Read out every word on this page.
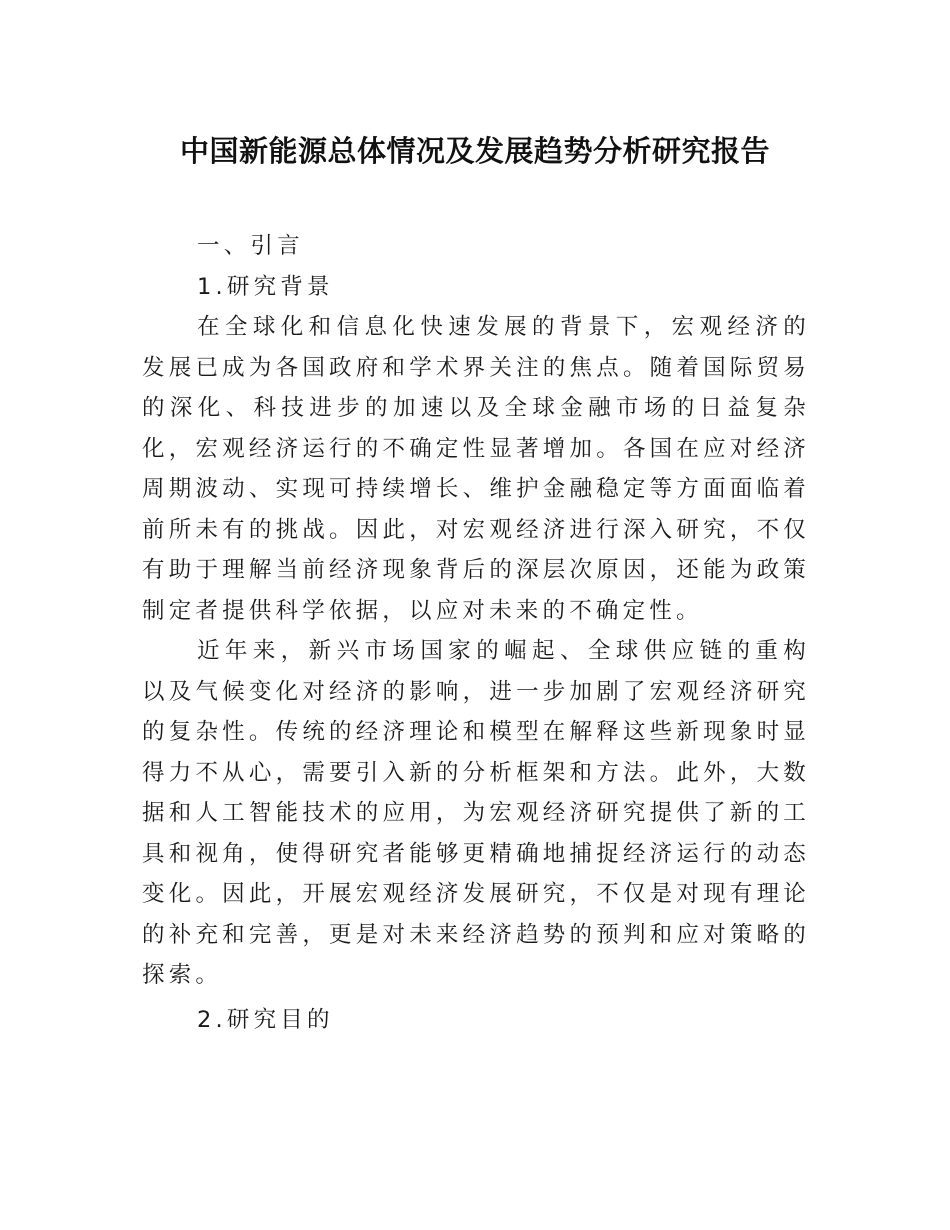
中国新能源总体情况及发展趋势分析研究报告

一、引言

1.研究背景

在全球化和信息化快速发展的背景下，宏观经济的发展已成为各国政府和学术界关注的焦点。随着国际贸易的深化、科技进步的加速以及全球金融市场的日益复杂化，宏观经济运行的不确定性显著增加。各国在应对经济周期波动、实现可持续增长、维护金融稳定等方面面临着前所未有的挑战。因此，对宏观经济进行深入研究，不仅有助于理解当前经济现象背后的深层次原因，还能为政策制定者提供科学依据，以应对未来的不确定性。

近年来，新兴市场国家的崛起、全球供应链的重构以及气候变化对经济的影响，进一步加剧了宏观经济研究的复杂性。传统的经济理论和模型在解释这些新现象时显得力不从心，需要引入新的分析框架和方法。此外，大数据和人工智能技术的应用，为宏观经济研究提供了新的工具和视角，使得研究者能够更精确地捕捉经济运行的动态变化。因此，开展宏观经济发展研究，不仅是对现有理论的补充和完善，更是对未来经济趋势的预判和应对策略的探索。

2.研究目的
